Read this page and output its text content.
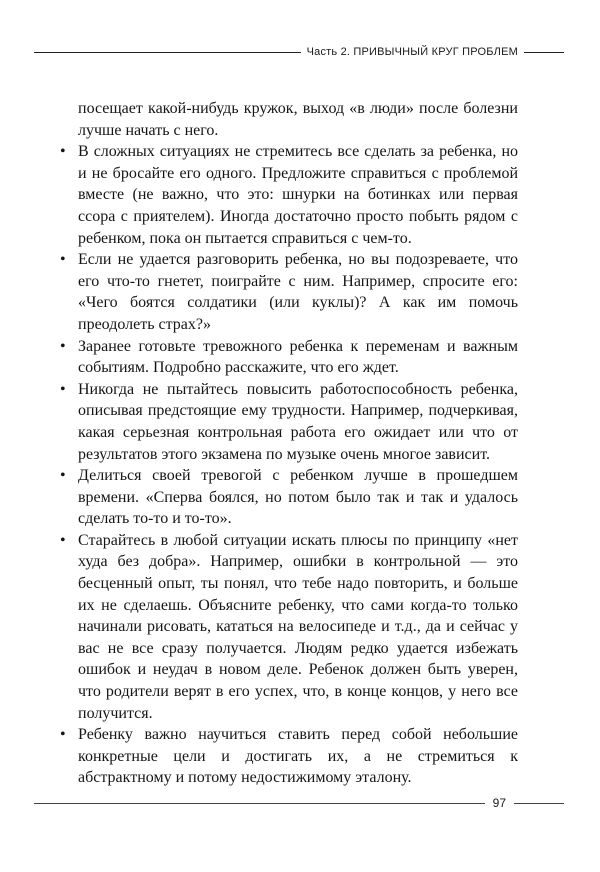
Часть 2. ПРИВЫЧНЫЙ КРУГ ПРОБЛЕМ

посещает какой-нибудь кружок, выход «в люди» после болезни лучше начать с него.

• В сложных ситуациях не стремитесь все сделать за ребенка, но и не бросайте его одного. Предложите справиться с проблемой вместе (не важно, что это: шнурки на ботинках или первая ссора с приятелем). Иногда достаточно просто побыть рядом с ребенком, пока он пытается справиться с чем-то.

• Если не удается разговорить ребенка, но вы подозреваете, что его что-то гнетет, поиграйте с ним. Например, спросите его: «Чего боятся солдатики (или куклы)? А как им помочь преодолеть страх?»

• Заранее готовьте тревожного ребенка к переменам и важным событиям. Подробно расскажите, что его ждет.

• Никогда не пытайтесь повысить работоспособность ребенка, описывая предстоящие ему трудности. Например, подчеркивая, какая серьезная контрольная работа его ожидает или что от результатов этого экзамена по музыке очень многое зависит.

• Делиться своей тревогой с ребенком лучше в прошедшем времени. «Сперва боялся, но потом было так и так и удалось сделать то-то и то-то».

• Старайтесь в любой ситуации искать плюсы по принципу «нет худа без добра». Например, ошибки в контрольной — это бесценный опыт, ты понял, что тебе надо повторить, и больше их не сделаешь. Объясните ребенку, что сами когда-то только начинали рисовать, кататься на велосипеде и т.д., да и сейчас у вас не все сразу получается. Людям редко удается избежать ошибок и неудач в новом деле. Ребенок должен быть уверен, что родители верят в его успех, что, в конце концов, у него все получится.

• Ребенку важно научиться ставить перед собой небольшие конкретные цели и достигать их, а не стремиться к абстрактному и потому недостижимому эталону.

97
